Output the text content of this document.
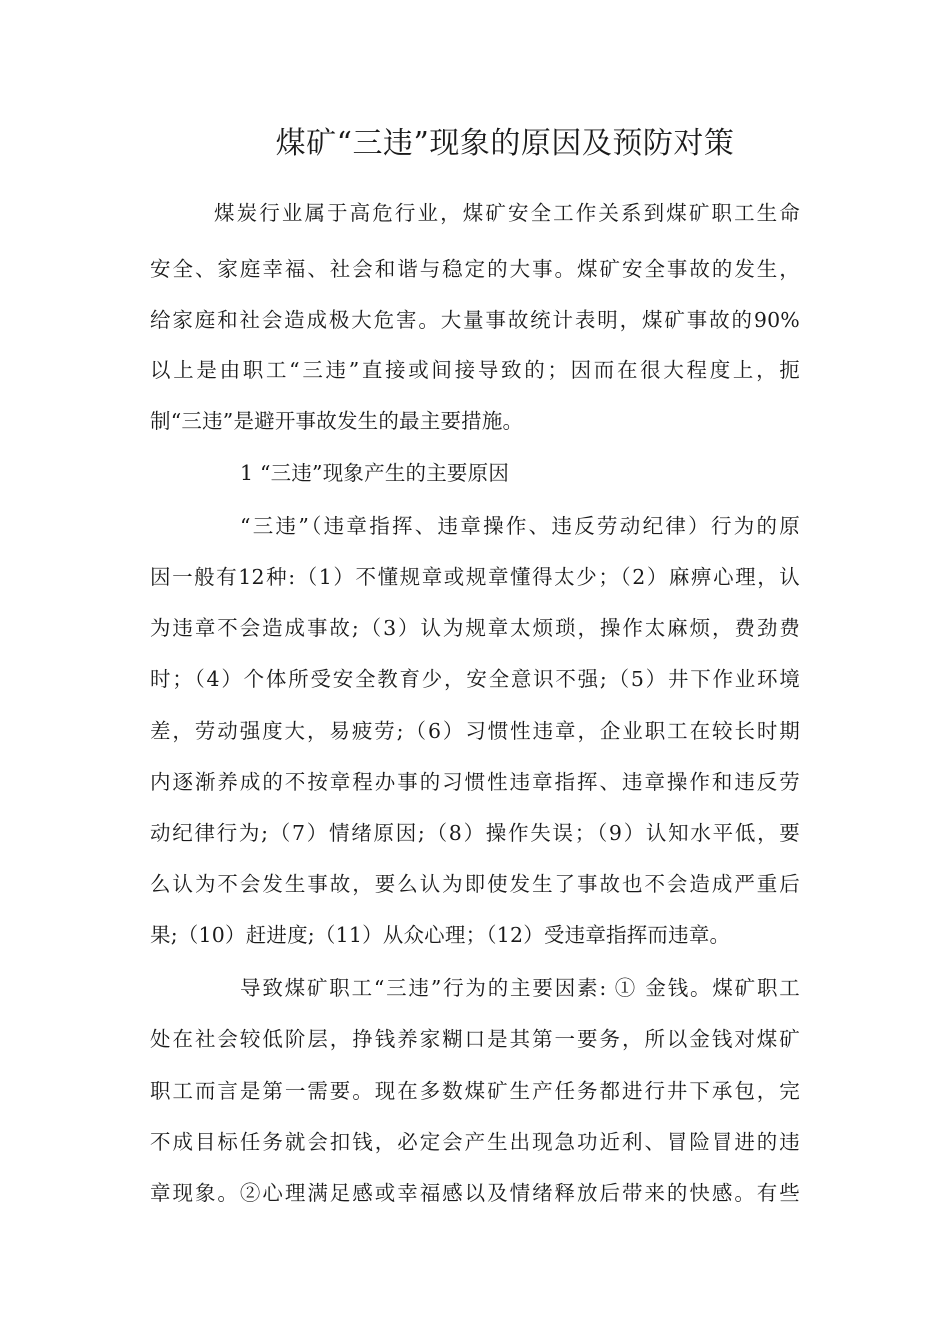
煤矿“三违”现象的原因及预防对策
煤炭行业属于高危行业，煤矿安全工作关系到煤矿职工生命
安全、家庭幸福、社会和谐与稳定的大事。煤矿安全事故的发生，
给家庭和社会造成极大危害。大量事故统计表明，煤矿事故的90%
以上是由职工“三违”直接或间接导致的；因而在很大程度上，扼
制“三违”是避开事故发生的最主要措施。
1 “三违”现象产生的主要原因
“三违”（违章指挥、违章操作、违反劳动纪律）行为的原
因一般有12种:（1）不懂规章或规章懂得太少；（2）麻痹心理，认
为违章不会造成事故;（3）认为规章太烦琐，操作太麻烦，费劲费
时；（4）个体所受安全教育少，安全意识不强;（5）井下作业环境
差，劳动强度大，易疲劳;（6）习惯性违章，企业职工在较长时期
内逐渐养成的不按章程办事的习惯性违章指挥、违章操作和违反劳
动纪律行为;（7）情绪原因;（8）操作失误；（9）认知水平低，要
么认为不会发生事故，要么认为即使发生了事故也不会造成严重后
果;（10）赶进度;（11）从众心理；（12）受违章指挥而违章。
导致煤矿职工“三违”行为的主要因素: ① 金钱。煤矿职工
处在社会较低阶层，挣钱养家糊口是其第一要务，所以金钱对煤矿
职工而言是第一需要。现在多数煤矿生产任务都进行井下承包，完
不成目标任务就会扣钱，必定会产生出现急功近利、冒险冒进的违
章现象。②心理满足感或幸福感以及情绪释放后带来的快感。有些
